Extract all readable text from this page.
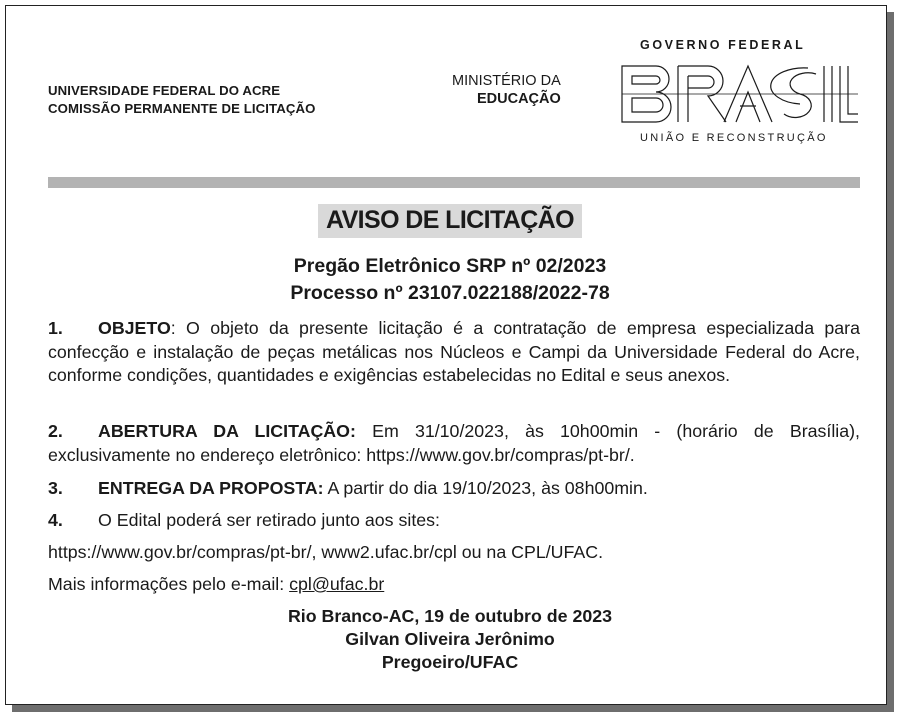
UNIVERSIDADE FEDERAL DO ACRE
COMISSÃO PERMANENTE DE LICITAÇÃO
MINISTÉRIO DA
EDUCAÇÃO
GOVERNO FEDERAL
UNIÃO E RECONSTRUÇÃO
AVISO DE LICITAÇÃO
Pregão Eletrônico SRP nº 02/2023
Processo nº 23107.022188/2022-78
1. OBJETO: O objeto da presente licitação é a contratação de empresa especializada para confecção e instalação de peças metálicas nos Núcleos e Campi da Universidade Federal do Acre, conforme condições, quantidades e exigências estabelecidas no Edital e seus anexos.
2. ABERTURA DA LICITAÇÃO: Em 31/10/2023, às 10h00min - (horário de Brasília), exclusivamente no endereço eletrônico: https://www.gov.br/compras/pt-br/.
3. ENTREGA DA PROPOSTA: A partir do dia 19/10/2023, às 08h00min.
4. O Edital poderá ser retirado junto aos sites:
https://www.gov.br/compras/pt-br/, www2.ufac.br/cpl ou na CPL/UFAC.
Mais informações pelo e-mail: cpl@ufac.br
Rio Branco-AC, 19 de outubro de 2023
Gilvan Oliveira Jerônimo
Pregoeiro/UFAC
